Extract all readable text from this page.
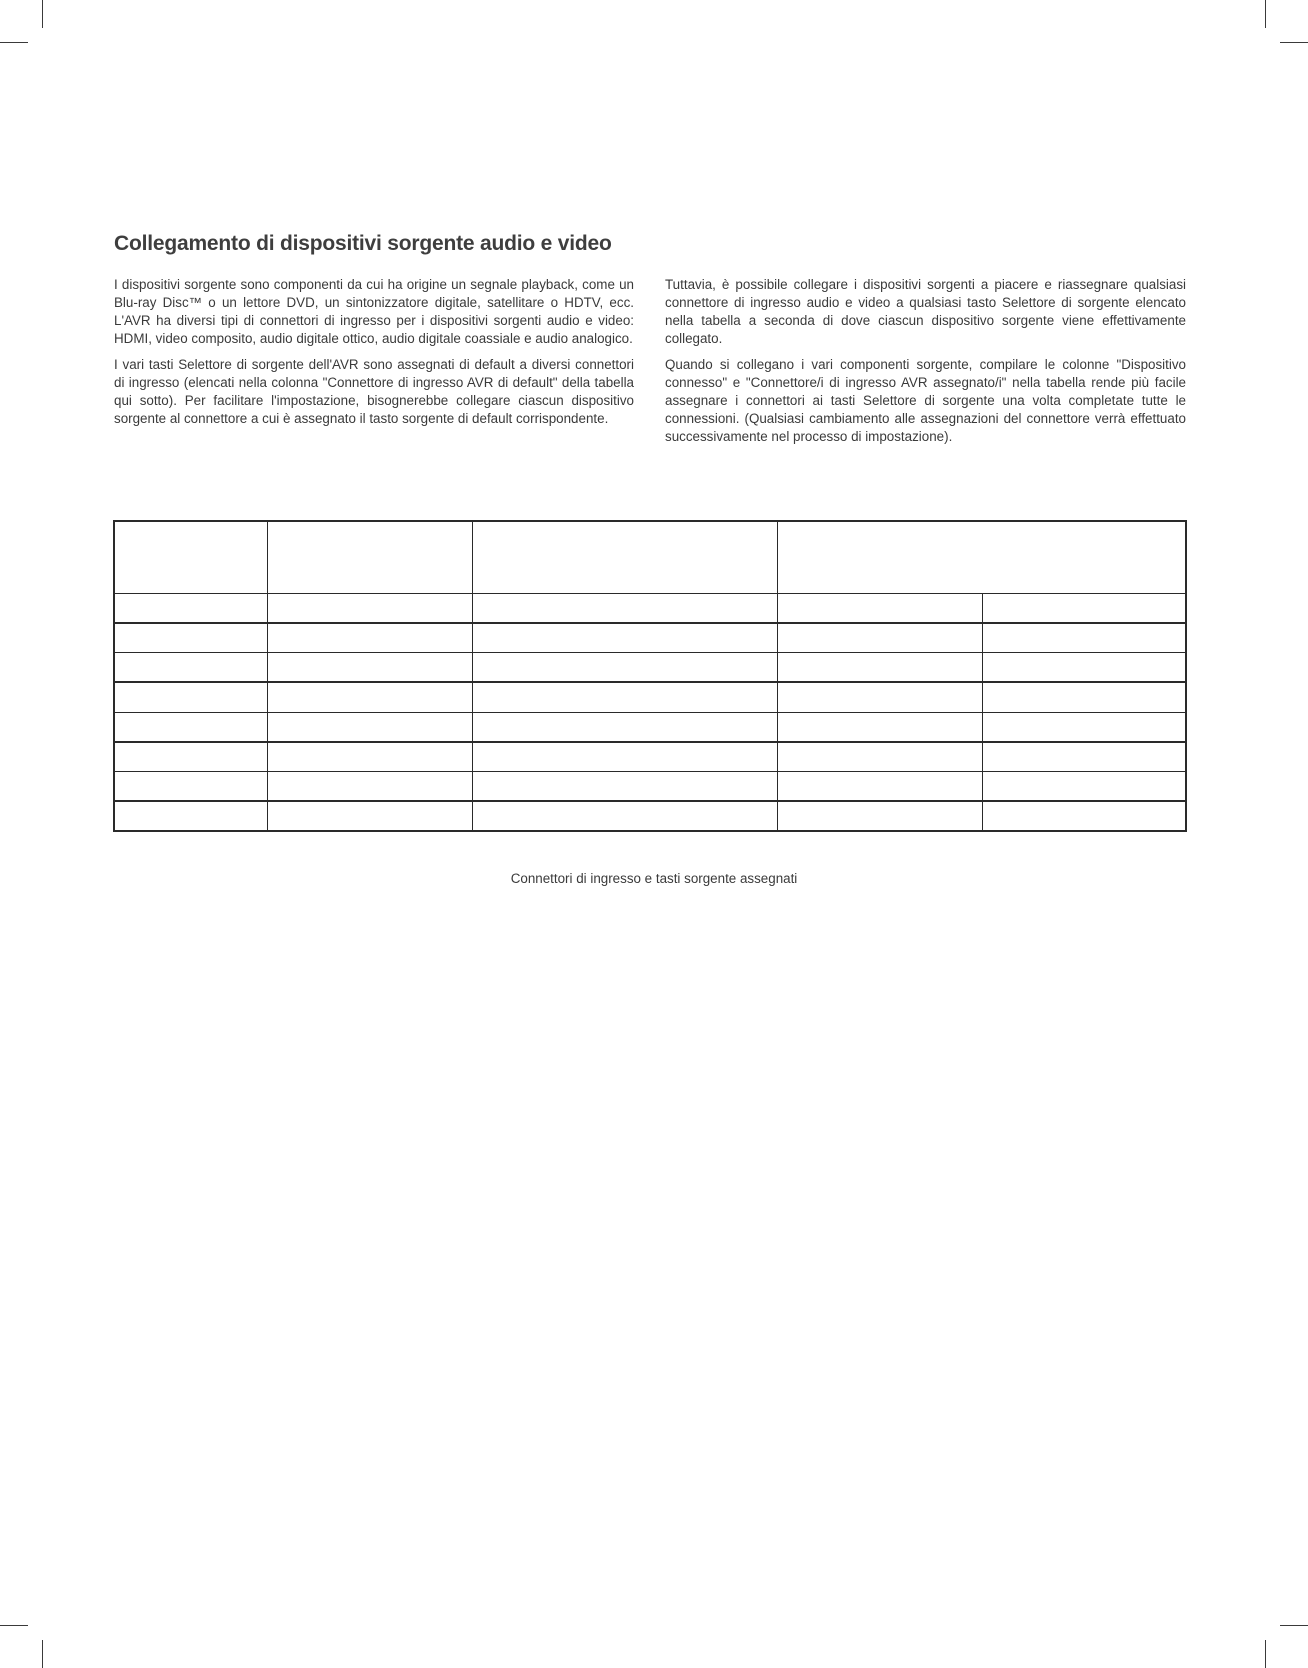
Collegamento di dispositivi sorgente audio e video

I dispositivi sorgente sono componenti da cui ha origine un segnale playback, come un Blu-ray Disc™ o un lettore DVD, un sintonizzatore digitale, satellitare o HDTV, ecc. L'AVR ha diversi tipi di connettori di ingresso per i dispositivi sorgenti audio e video: HDMI, video composito, audio digitale ottico, audio digitale coassiale e audio analogico.

I vari tasti Selettore di sorgente dell'AVR sono assegnati di default a diversi connettori di ingresso (elencati nella colonna "Connettore di ingresso AVR di default" della tabella qui sotto). Per facilitare l'impostazione, bisognerebbe collegare ciascun dispositivo sorgente al connettore a cui è assegnato il tasto sorgente di default corrispondente.

Tuttavia, è possibile collegare i dispositivi sorgenti a piacere e riassegnare qualsiasi connettore di ingresso audio e video a qualsiasi tasto Selettore di sorgente elencato nella tabella a seconda di dove ciascun dispositivo sorgente viene effettivamente collegato.

Quando si collegano i vari componenti sorgente, compilare le colonne "Dispositivo connesso" e "Connettore/i di ingresso AVR assegnato/i" nella tabella rende più facile assegnare i connettori ai tasti Selettore di sorgente una volta completate tutte le connessioni. (Qualsiasi cambiamento alle assegnazioni del connettore verrà effettuato successivamente nel processo di impostazione).

Connettori di ingresso e tasti sorgente assegnati
